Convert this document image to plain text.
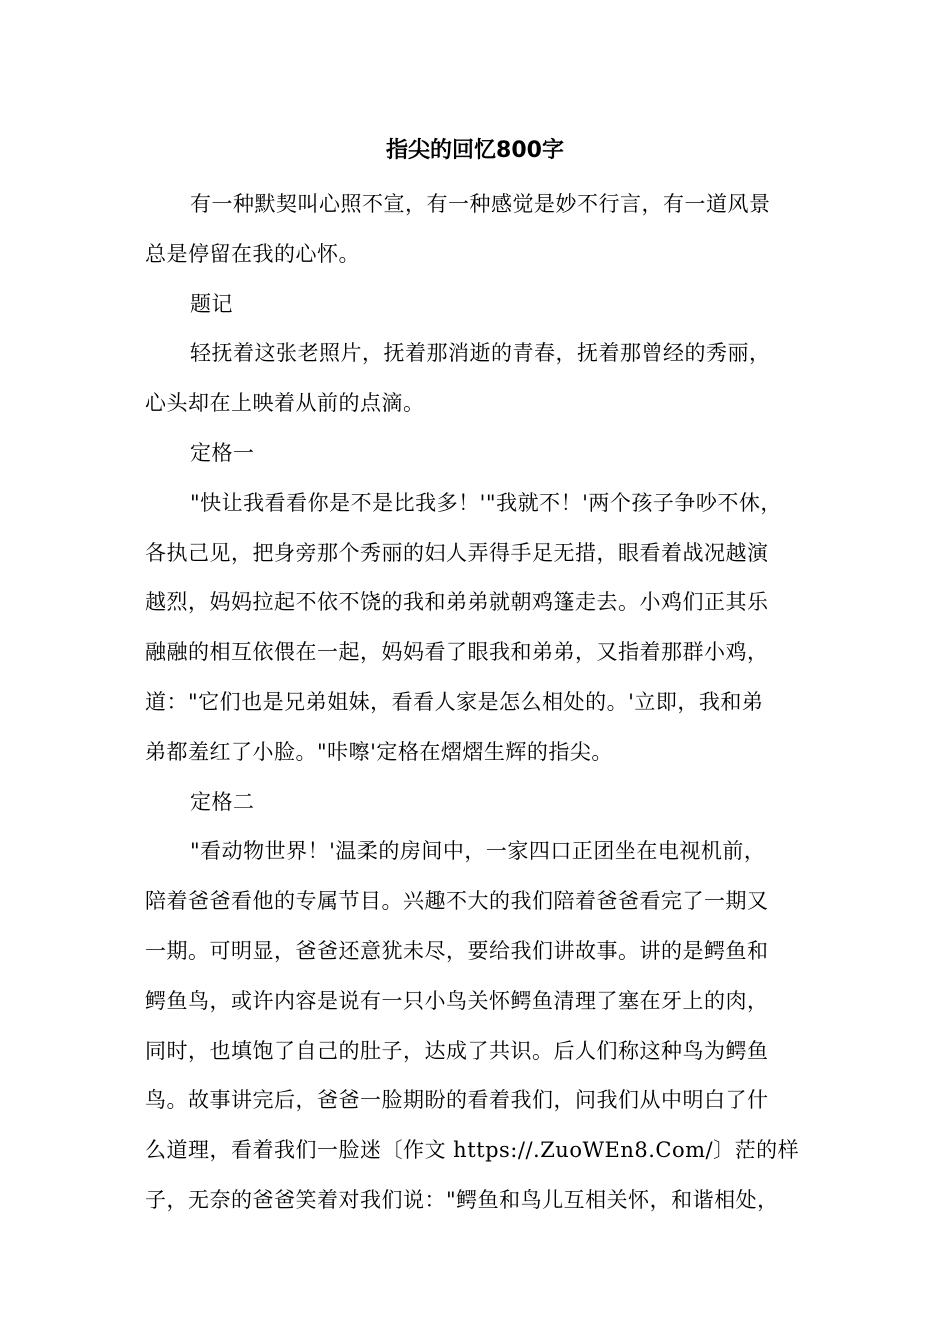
指尖的回忆800字

有一种默契叫心照不宣，有一种感觉是妙不行言，有一道风景
总是停留在我的心怀。

题记

轻抚着这张老照片，抚着那消逝的青春，抚着那曾经的秀丽，
心头却在上映着从前的点滴。

定格一

"快让我看看你是不是比我多！'"我就不！'两个孩子争吵不休，
各执己见，把身旁那个秀丽的妇人弄得手足无措，眼看着战况越演
越烈，妈妈拉起不依不饶的我和弟弟就朝鸡篷走去。小鸡们正其乐
融融的相互依偎在一起，妈妈看了眼我和弟弟，又指着那群小鸡，
道："它们也是兄弟姐妹，看看人家是怎么相处的。'立即，我和弟
弟都羞红了小脸。"咔嚓'定格在熠熠生辉的指尖。

定格二

"看动物世界！'温柔的房间中，一家四口正团坐在电视机前，
陪着爸爸看他的专属节目。兴趣不大的我们陪着爸爸看完了一期又
一期。可明显，爸爸还意犹未尽，要给我们讲故事。讲的是鳄鱼和
鳄鱼鸟，或许内容是说有一只小鸟关怀鳄鱼清理了塞在牙上的肉，
同时，也填饱了自己的肚子，达成了共识。后人们称这种鸟为鳄鱼
鸟。故事讲完后，爸爸一脸期盼的看着我们，问我们从中明白了什
么道理，看着我们一脸迷〔作文 https://.ZuoWEn8.Com/〕茫的样
子，无奈的爸爸笑着对我们说："鳄鱼和鸟儿互相关怀，和谐相处，
